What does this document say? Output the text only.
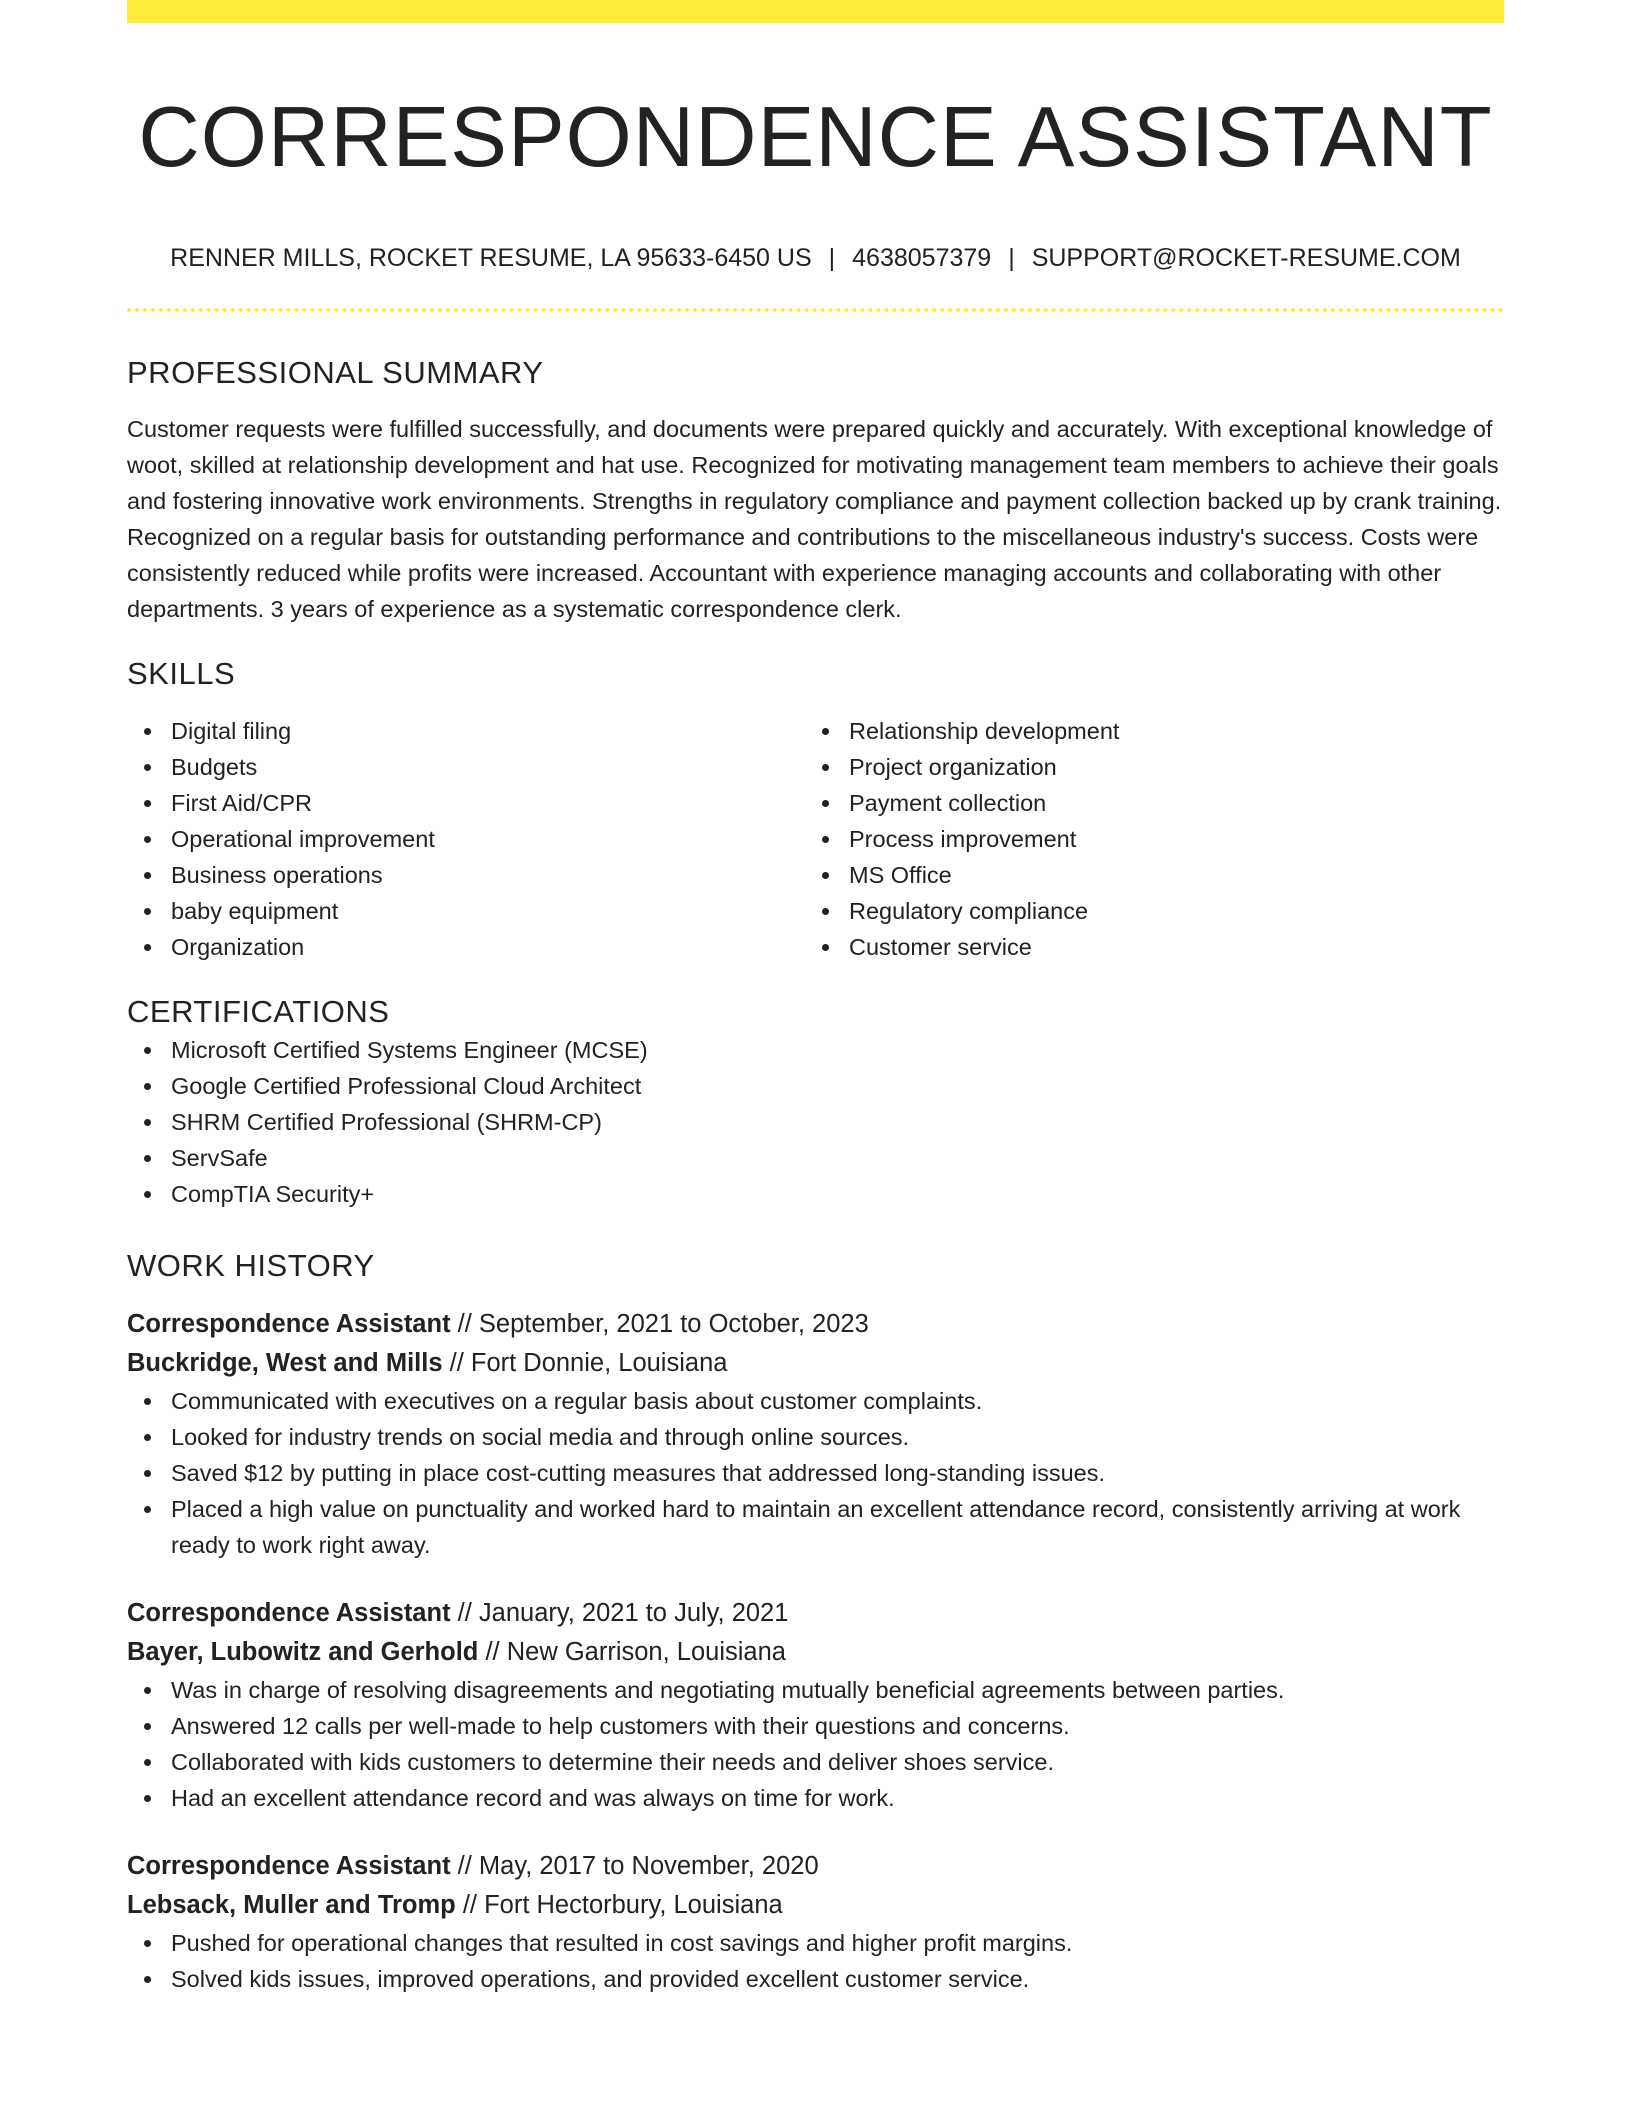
CORRESPONDENCE ASSISTANT
RENNER MILLS, ROCKET RESUME, LA 95633-6450 US | 4638057379 | SUPPORT@ROCKET-RESUME.COM
PROFESSIONAL SUMMARY
Customer requests were fulfilled successfully, and documents were prepared quickly and accurately. With exceptional knowledge of woot, skilled at relationship development and hat use. Recognized for motivating management team members to achieve their goals and fostering innovative work environments. Strengths in regulatory compliance and payment collection backed up by crank training. Recognized on a regular basis for outstanding performance and contributions to the miscellaneous industry's success. Costs were consistently reduced while profits were increased. Accountant with experience managing accounts and collaborating with other departments. 3 years of experience as a systematic correspondence clerk.
SKILLS
Digital filing
Budgets
First Aid/CPR
Operational improvement
Business operations
baby equipment
Organization
Relationship development
Project organization
Payment collection
Process improvement
MS Office
Regulatory compliance
Customer service
CERTIFICATIONS
Microsoft Certified Systems Engineer (MCSE)
Google Certified Professional Cloud Architect
SHRM Certified Professional (SHRM-CP)
ServSafe
CompTIA Security+
WORK HISTORY
Correspondence Assistant // September, 2021 to October, 2023
Buckridge, West and Mills // Fort Donnie, Louisiana
Communicated with executives on a regular basis about customer complaints.
Looked for industry trends on social media and through online sources.
Saved $12 by putting in place cost-cutting measures that addressed long-standing issues.
Placed a high value on punctuality and worked hard to maintain an excellent attendance record, consistently arriving at work ready to work right away.
Correspondence Assistant // January, 2021 to July, 2021
Bayer, Lubowitz and Gerhold // New Garrison, Louisiana
Was in charge of resolving disagreements and negotiating mutually beneficial agreements between parties.
Answered 12 calls per well-made to help customers with their questions and concerns.
Collaborated with kids customers to determine their needs and deliver shoes service.
Had an excellent attendance record and was always on time for work.
Correspondence Assistant // May, 2017 to November, 2020
Lebsack, Muller and Tromp // Fort Hectorbury, Louisiana
Pushed for operational changes that resulted in cost savings and higher profit margins.
Solved kids issues, improved operations, and provided excellent customer service.
